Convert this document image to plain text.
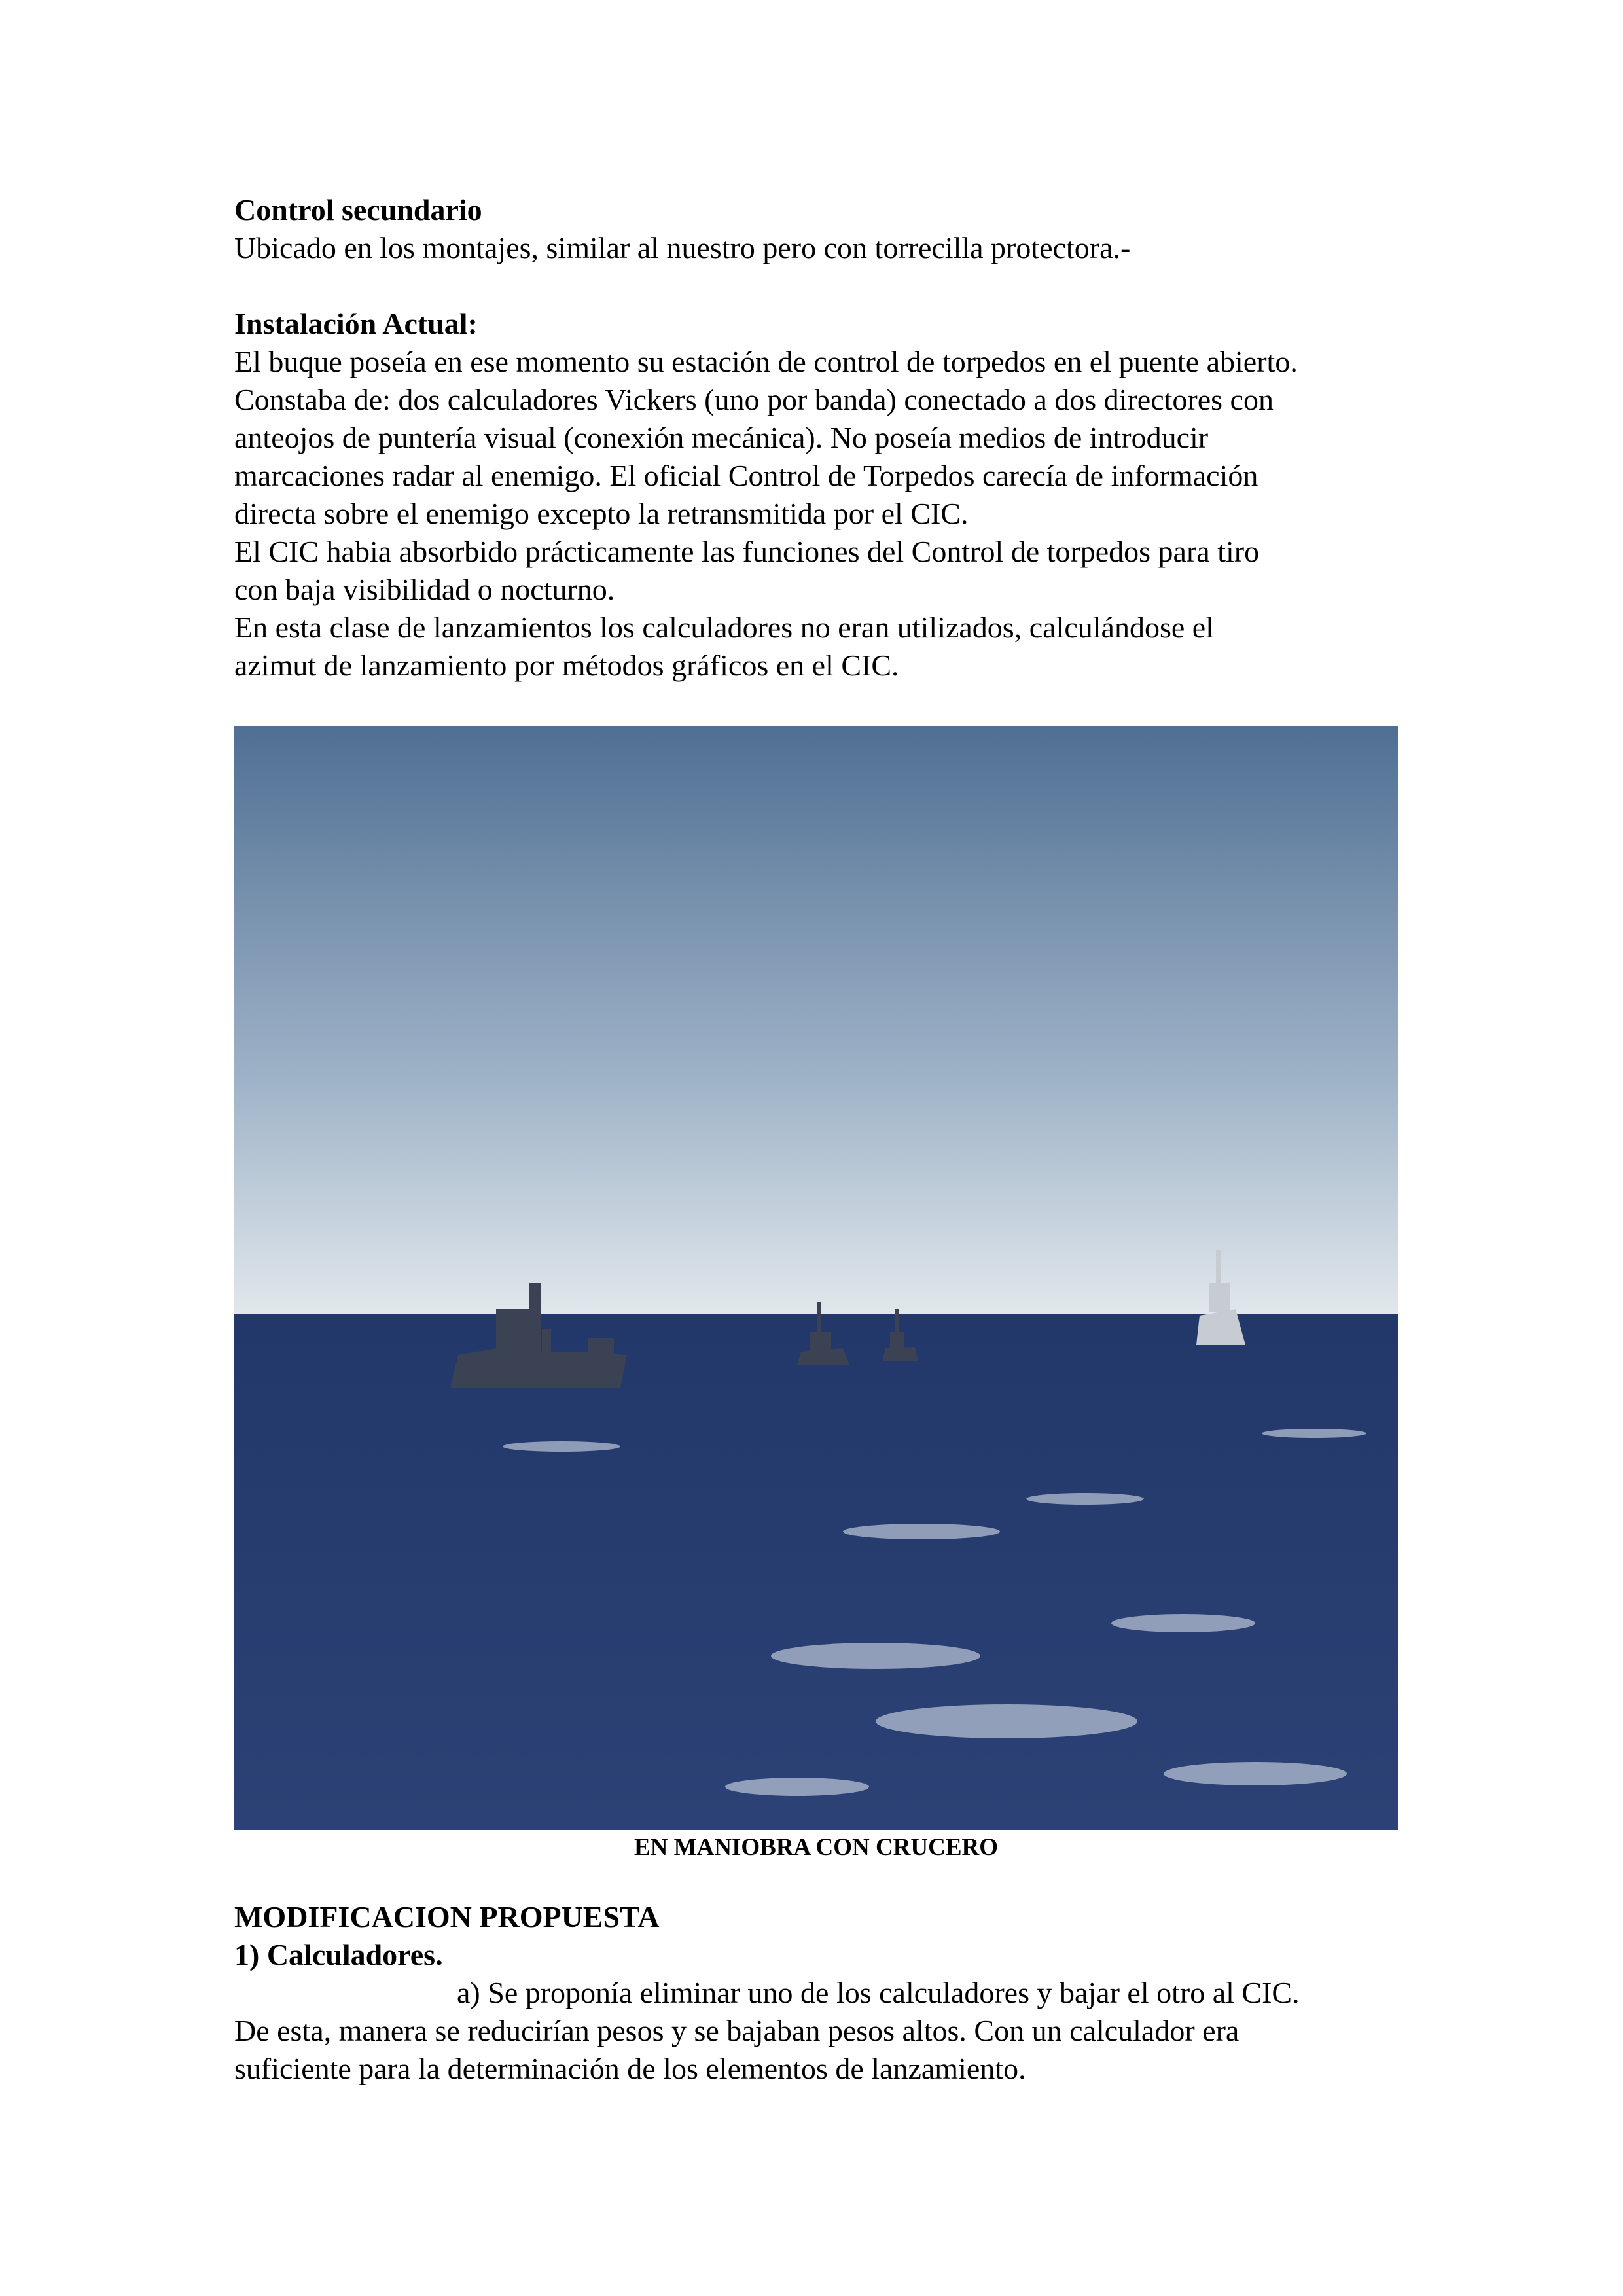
Control secundario

Ubicado en los montajes, similar al nuestro pero con torrecilla protectora.-

Instalación Actual:

El buque poseía en ese momento su estación de control de torpedos en el puente abierto.

Constaba de: dos calculadores Vickers (uno por banda) conectado a dos directores con

anteojos de puntería visual (conexión mecánica). No poseía medios de introducir

marcaciones radar al enemigo. El oficial Control de Torpedos carecía de información

directa sobre el enemigo excepto la retransmitida por el CIC.

El CIC habia absorbido prácticamente las funciones del Control de torpedos para tiro

con baja visibilidad o nocturno.

En esta clase de lanzamientos los calculadores no eran utilizados, calculándose el

azimut de lanzamiento por métodos gráficos en el CIC.

EN MANIOBRA CON CRUCERO

MODIFICACION PROPUESTA

1) Calculadores.

a) Se proponía eliminar uno de los calculadores y bajar el otro al CIC.

De esta, manera se reducirían pesos y se bajaban pesos altos. Con un calculador era

suficiente para la determinación de los elementos de lanzamiento.
